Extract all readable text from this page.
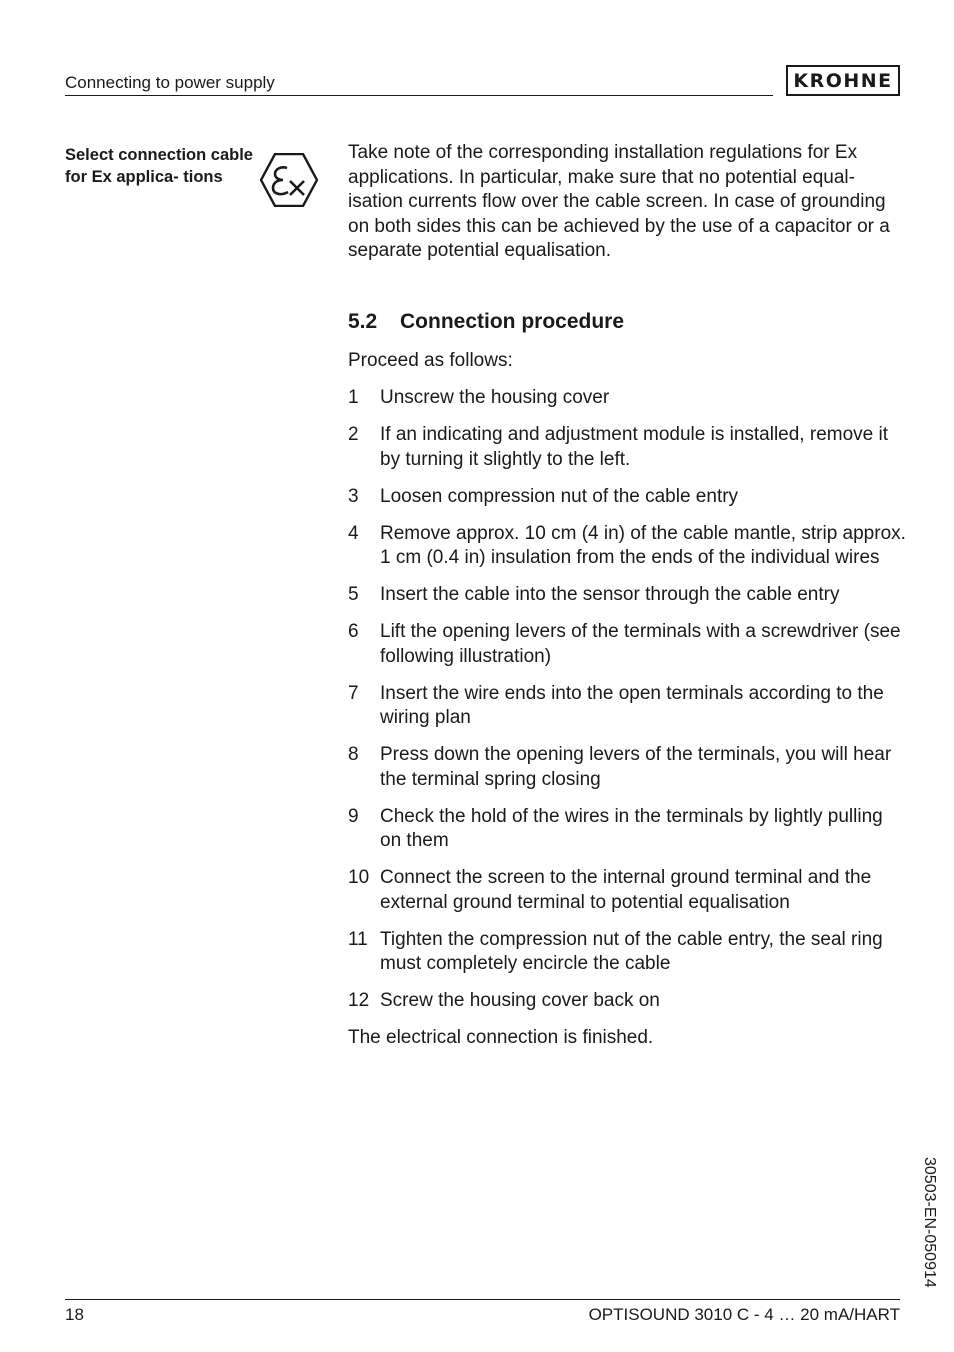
Connecting to power supply	KROHNE
Select connection cable for Ex applica- tions

Take note of the corresponding installation regulations for Ex applications. In particular, make sure that no potential equal- isation currents flow over the cable screen. In case of grounding on both sides this can be achieved by the use of a capacitor or a separate potential equalisation.

5.2 Connection procedure

Proceed as follows:

1	Unscrew the housing cover
2	If an indicating and adjustment module is installed, remove it by turning it slightly to the left.
3	Loosen compression nut of the cable entry
4	Remove approx. 10 cm (4 in) of the cable mantle, strip approx. 1 cm (0.4 in) insulation from the ends of the individual wires
5	Insert the cable into the sensor through the cable entry
6	Lift the opening levers of the terminals with a screwdriver (see following illustration)
7	Insert the wire ends into the open terminals according to the wiring plan
8	Press down the opening levers of the terminals, you will hear the terminal spring closing
9	Check the hold of the wires in the terminals by lightly pulling on them
10 Connect the screen to the internal ground terminal and the external ground terminal to potential equalisation
11 Tighten the compression nut of the cable entry, the seal ring must completely encircle the cable
12 Screw the housing cover back on

The electrical connection is finished.

30503-EN-050914
18	OPTISOUND 3010 C - 4 … 20 mA/HART
